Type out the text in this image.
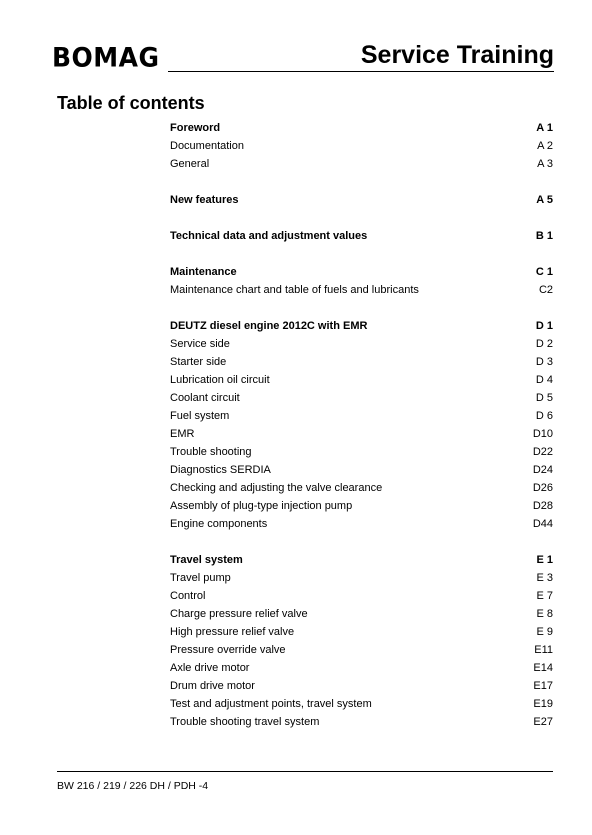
BOMAG	Service Training
Table of contents
Foreword	A 1
Documentation	A 2
General	A 3
New features	A 5
Technical data and adjustment values	B 1
Maintenance	C 1
Maintenance chart and table of fuels and lubricants	C2
DEUTZ diesel engine 2012C with EMR	D 1
Service side	D 2
Starter side	D 3
Lubrication oil circuit	D 4
Coolant circuit	D 5
Fuel system	D 6
EMR	D10
Trouble shooting	D22
Diagnostics SERDIA	D24
Checking and adjusting the valve clearance	D26
Assembly of plug-type injection pump	D28
Engine components	D44
Travel system	E 1
Travel pump	E 3
Control	E 7
Charge pressure relief valve	E 8
High pressure relief valve	E 9
Pressure override valve	E11
Axle drive motor	E14
Drum drive motor	E17
Test and adjustment points, travel system	E19
Trouble shooting travel system	E27
BW 216 / 219 / 226 DH / PDH -4
